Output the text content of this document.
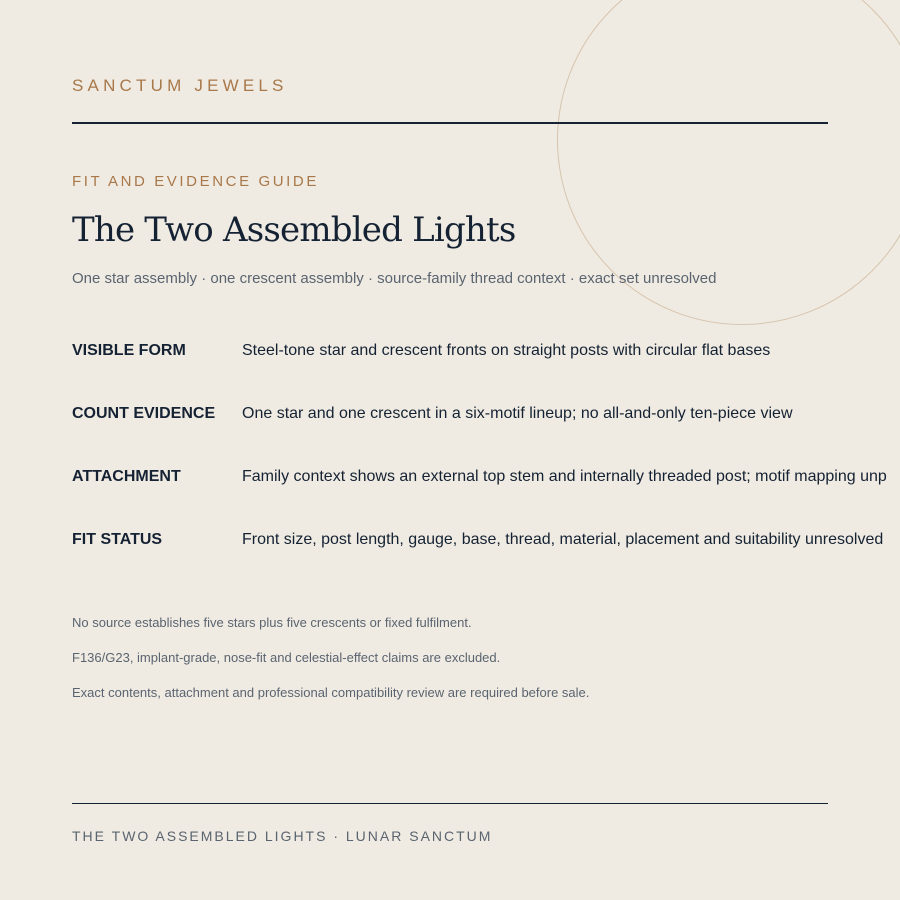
SANCTUM JEWELS
FIT AND EVIDENCE GUIDE
The Two Assembled Lights
One star assembly · one crescent assembly · source-family thread context · exact set unresolved
VISIBLE FORM	Steel-tone star and crescent fronts on straight posts with circular flat bases
COUNT EVIDENCE One star and one crescent in a six-motif lineup; no all-and-only ten-piece view
ATTACHMENT	Family context shows an external top stem and internally threaded post; motif mapping unp
FIT STATUS	Front size, post length, gauge, base, thread, material, placement and suitability unresolved
No source establishes five stars plus five crescents or fixed fulfilment.
F136/G23, implant-grade, nose-fit and celestial-effect claims are excluded.
Exact contents, attachment and professional compatibility review are required before sale.
THE TWO ASSEMBLED LIGHTS · LUNAR SANCTUM
